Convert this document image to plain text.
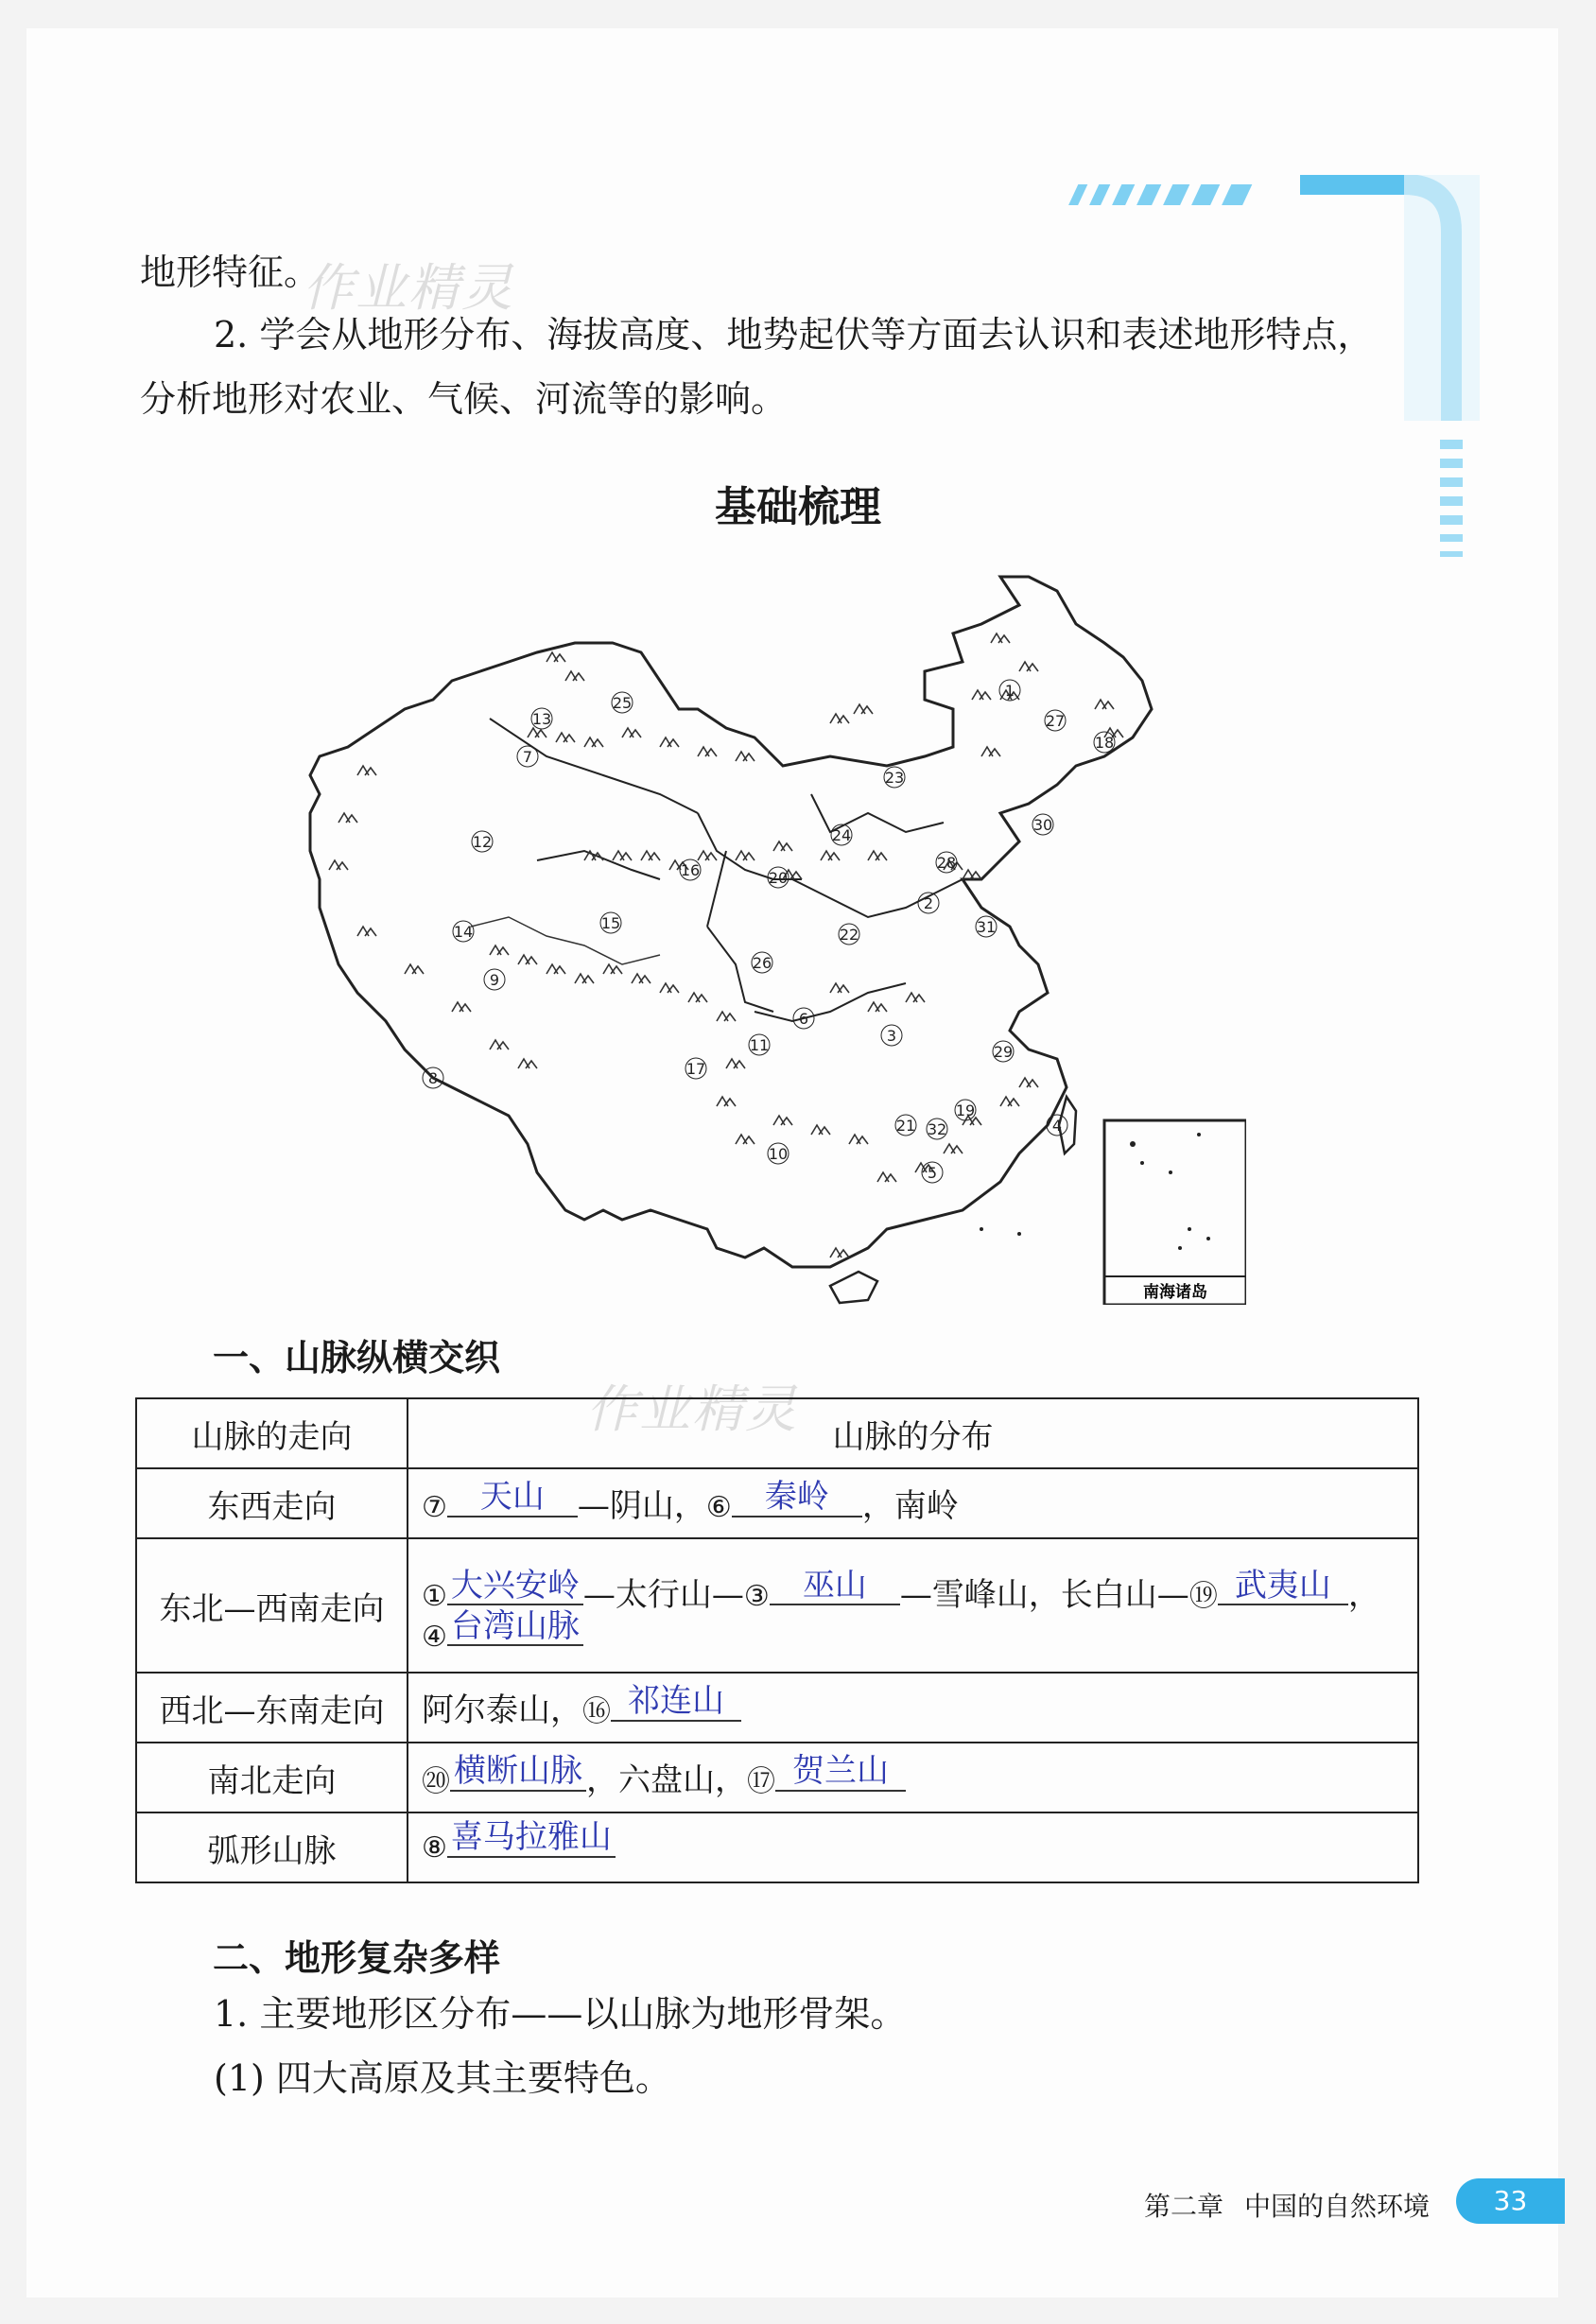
地形特征。
作业精灵
2. 学会从地形分布、海拔高度、地势起伏等方面去认识和表述地形特点，
分析地形对农业、气候、河流等的影响。
基础梳理
南海诸岛
1
2
3
4
5
6
7
8
9
10
11
12
13
14	15
16
17
18
19
20
21
22
23
24
25
26
27
28
29
30
31
32
一、山脉纵横交织
作业精灵
山脉的走向	山脉的分布
东西走向	⑦ 天山 —阴山，⑥ 秦岭 ，南岭
东北—西南走向	① 大兴安岭 —太行山—③ 巫山 —雪峰山，长白山—⑲ 武夷山 ，
④ 台湾山脉

西北—东南走向	阿尔泰山，⑯ 祁连山
南北走向	⑳ 横断山脉 ，六盘山，⑰ 贺兰山
弧形山脉	⑧ 喜马拉雅山
二、地形复杂多样
1. 主要地形区分布——以山脉为地形骨架。
(1) 四大高原及其主要特色。
第二章 中国的自然环境	33
